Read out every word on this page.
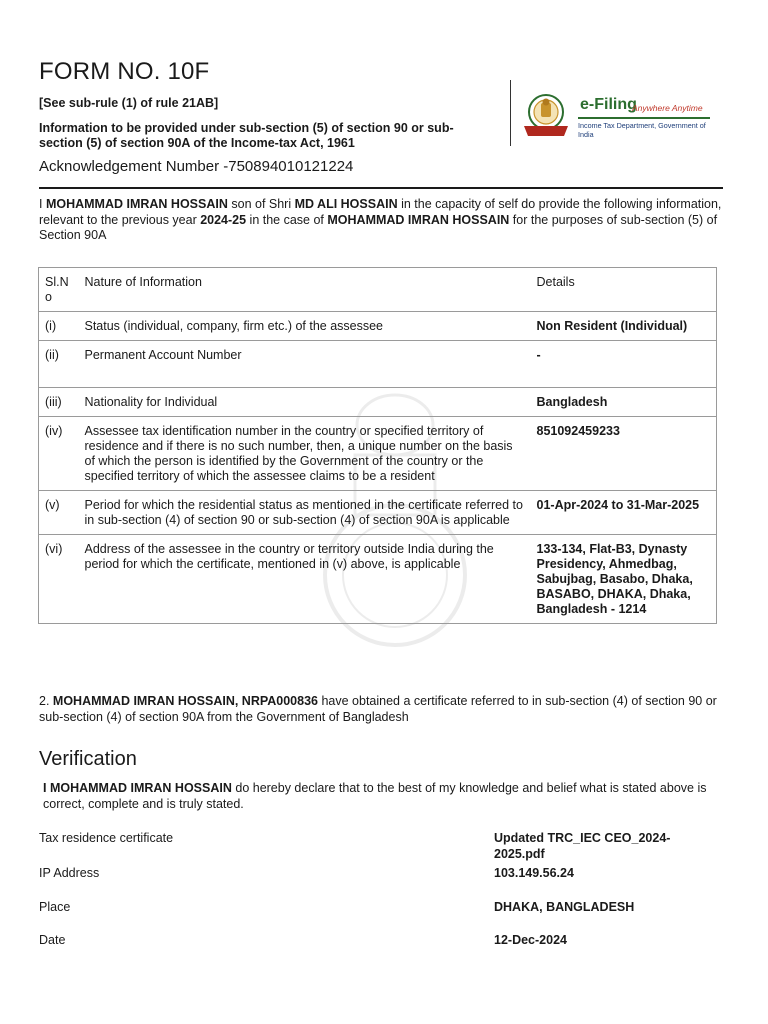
FORM NO. 10F
[See sub-rule (1) of rule 21AB]
Information to be provided under sub-section (5) of section 90 or sub-section (5) of section 90A of the Income-tax Act, 1961
Acknowledgement Number -750894010121224
e-Filing
Anywhere Anytime
Income Tax Department, Government of India
I MOHAMMAD IMRAN HOSSAIN son of Shri MD ALI HOSSAIN in the capacity of self do provide the following information, relevant to the previous year 2024-25 in the case of MOHAMMAD IMRAN HOSSAIN for the purposes of sub-section (5) of Section 90A
Sl.N o	Nature of Information	Details
(i)	Status (individual, company, firm etc.) of the assessee	Non Resident (Individual)
(ii)	Permanent Account Number	-
(iii)	Nationality for Individual	Bangladesh
(iv)	Assessee tax identification number in the country or specified territory of residence and if there is no such number, then, a unique number on the basis of which the person is identified by the Government of the country or the specified territory of which the assessee claims to be a resident	851092459233
(v)	Period for which the residential status as mentioned in the certificate referred to in sub-section (4) of section 90 or sub-section (4) of section 90A is applicable	01-Apr-2024 to 31-Mar-2025
(vi)	Address of the assessee in the country or territory outside India during the period for which the certificate, mentioned in (v) above, is applicable	133-134, Flat-B3, Dynasty Presidency, Ahmedbag, Sabujbag, Basabo, Dhaka, BASABO, DHAKA, Dhaka, Bangladesh - 1214
2. MOHAMMAD IMRAN HOSSAIN, NRPA000836 have obtained a certificate referred to in sub-section (4) of section 90 or sub-section (4) of section 90A from the Government of Bangladesh
Verification
I MOHAMMAD IMRAN HOSSAIN do hereby declare that to the best of my knowledge and belief what is stated above is correct, complete and is truly stated.
Tax residence certificate	Updated TRC_IEC CEO_2024-2025.pdf
IP Address	103.149.56.24
Place	DHAKA, BANGLADESH
Date	12-Dec-2024
